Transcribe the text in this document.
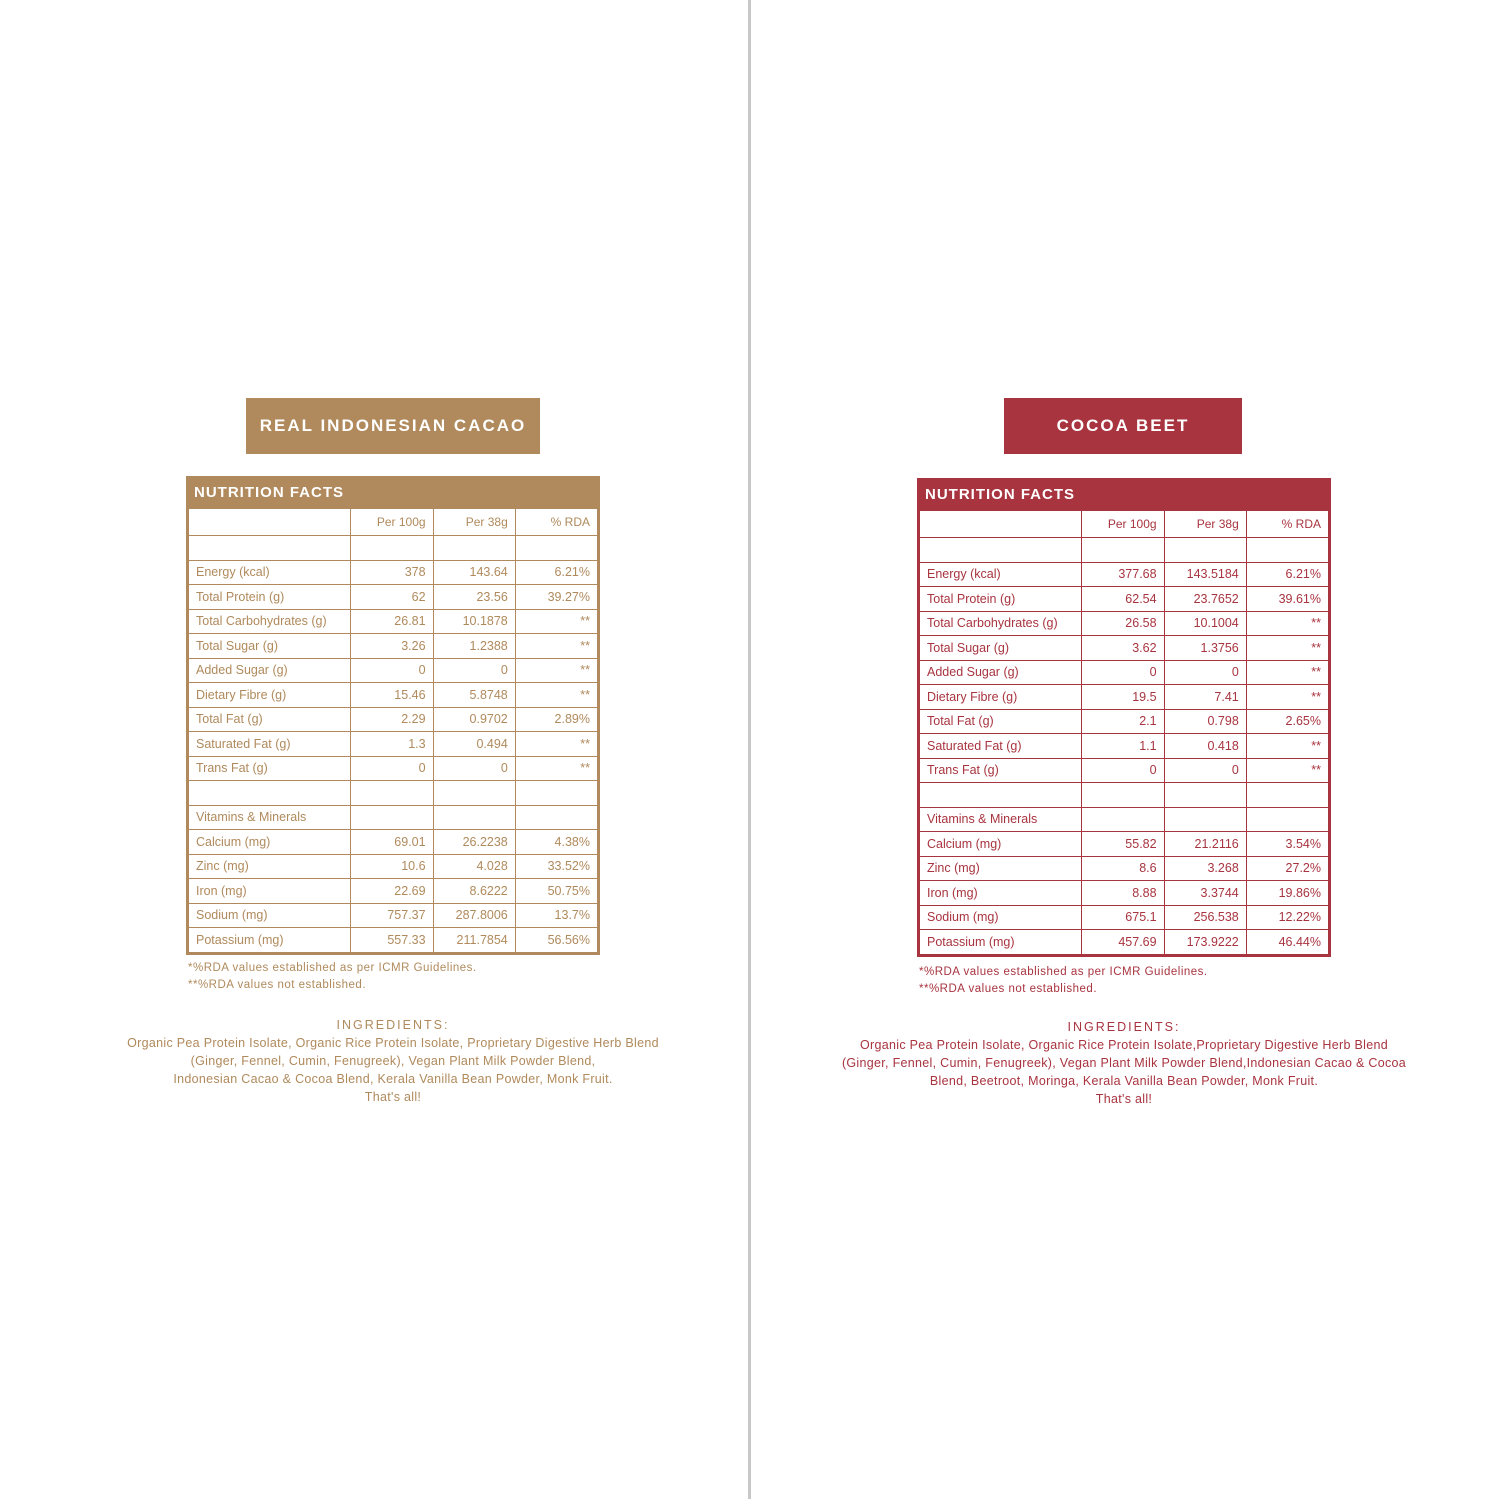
REAL INDONESIAN CACAO
NUTRITION FACTS
	Per 100g	Per 38g	% RDA

Energy (kcal)	378	143.64	6.21%
Total Protein (g)	62	23.56	39.27%
Total Carbohydrates (g)	26.81	10.1878	**
Total Sugar (g)	3.26	1.2388	**
Added Sugar (g)	0	0	**
Dietary Fibre (g)	15.46	5.8748	**
Total Fat (g)	2.29	0.9702	2.89%
Saturated Fat (g)	1.3	0.494	**
Trans Fat (g)	0	0	**

Vitamins & Minerals			
Calcium (mg)	69.01	26.2238	4.38%
Zinc (mg)	10.6	4.028	33.52%
Iron (mg)	22.69	8.6222	50.75%
Sodium (mg)	757.37	287.8006	13.7%
Potassium (mg)	557.33	211.7854	56.56%
*%RDA values established as per ICMR Guidelines.
**%RDA values not established.
INGREDIENTS:
Organic Pea Protein Isolate, Organic Rice Protein Isolate, Proprietary Digestive Herb Blend
(Ginger, Fennel, Cumin, Fenugreek), Vegan Plant Milk Powder Blend,
Indonesian Cacao & Cocoa Blend, Kerala Vanilla Bean Powder, Monk Fruit.
That's all!
COCOA BEET
NUTRITION FACTS
	Per 100g	Per 38g	% RDA

Energy (kcal)	377.68	143.5184	6.21%
Total Protein (g)	62.54	23.7652	39.61%
Total Carbohydrates (g)	26.58	10.1004	**
Total Sugar (g)	3.62	1.3756	**
Added Sugar (g)	0	0	**
Dietary Fibre (g)	19.5	7.41	**
Total Fat (g)	2.1	0.798	2.65%
Saturated Fat (g)	1.1	0.418	**
Trans Fat (g)	0	0	**

Vitamins & Minerals			
Calcium (mg)	55.82	21.2116	3.54%
Zinc (mg)	8.6	3.268	27.2%
Iron (mg)	8.88	3.3744	19.86%
Sodium (mg)	675.1	256.538	12.22%
Potassium (mg)	457.69	173.9222	46.44%
*%RDA values established as per ICMR Guidelines.
**%RDA values not established.
INGREDIENTS:
Organic Pea Protein Isolate, Organic Rice Protein Isolate,Proprietary Digestive Herb Blend
(Ginger, Fennel, Cumin, Fenugreek), Vegan Plant Milk Powder Blend,Indonesian Cacao & Cocoa
Blend, Beetroot, Moringa, Kerala Vanilla Bean Powder, Monk Fruit.
That's all!
